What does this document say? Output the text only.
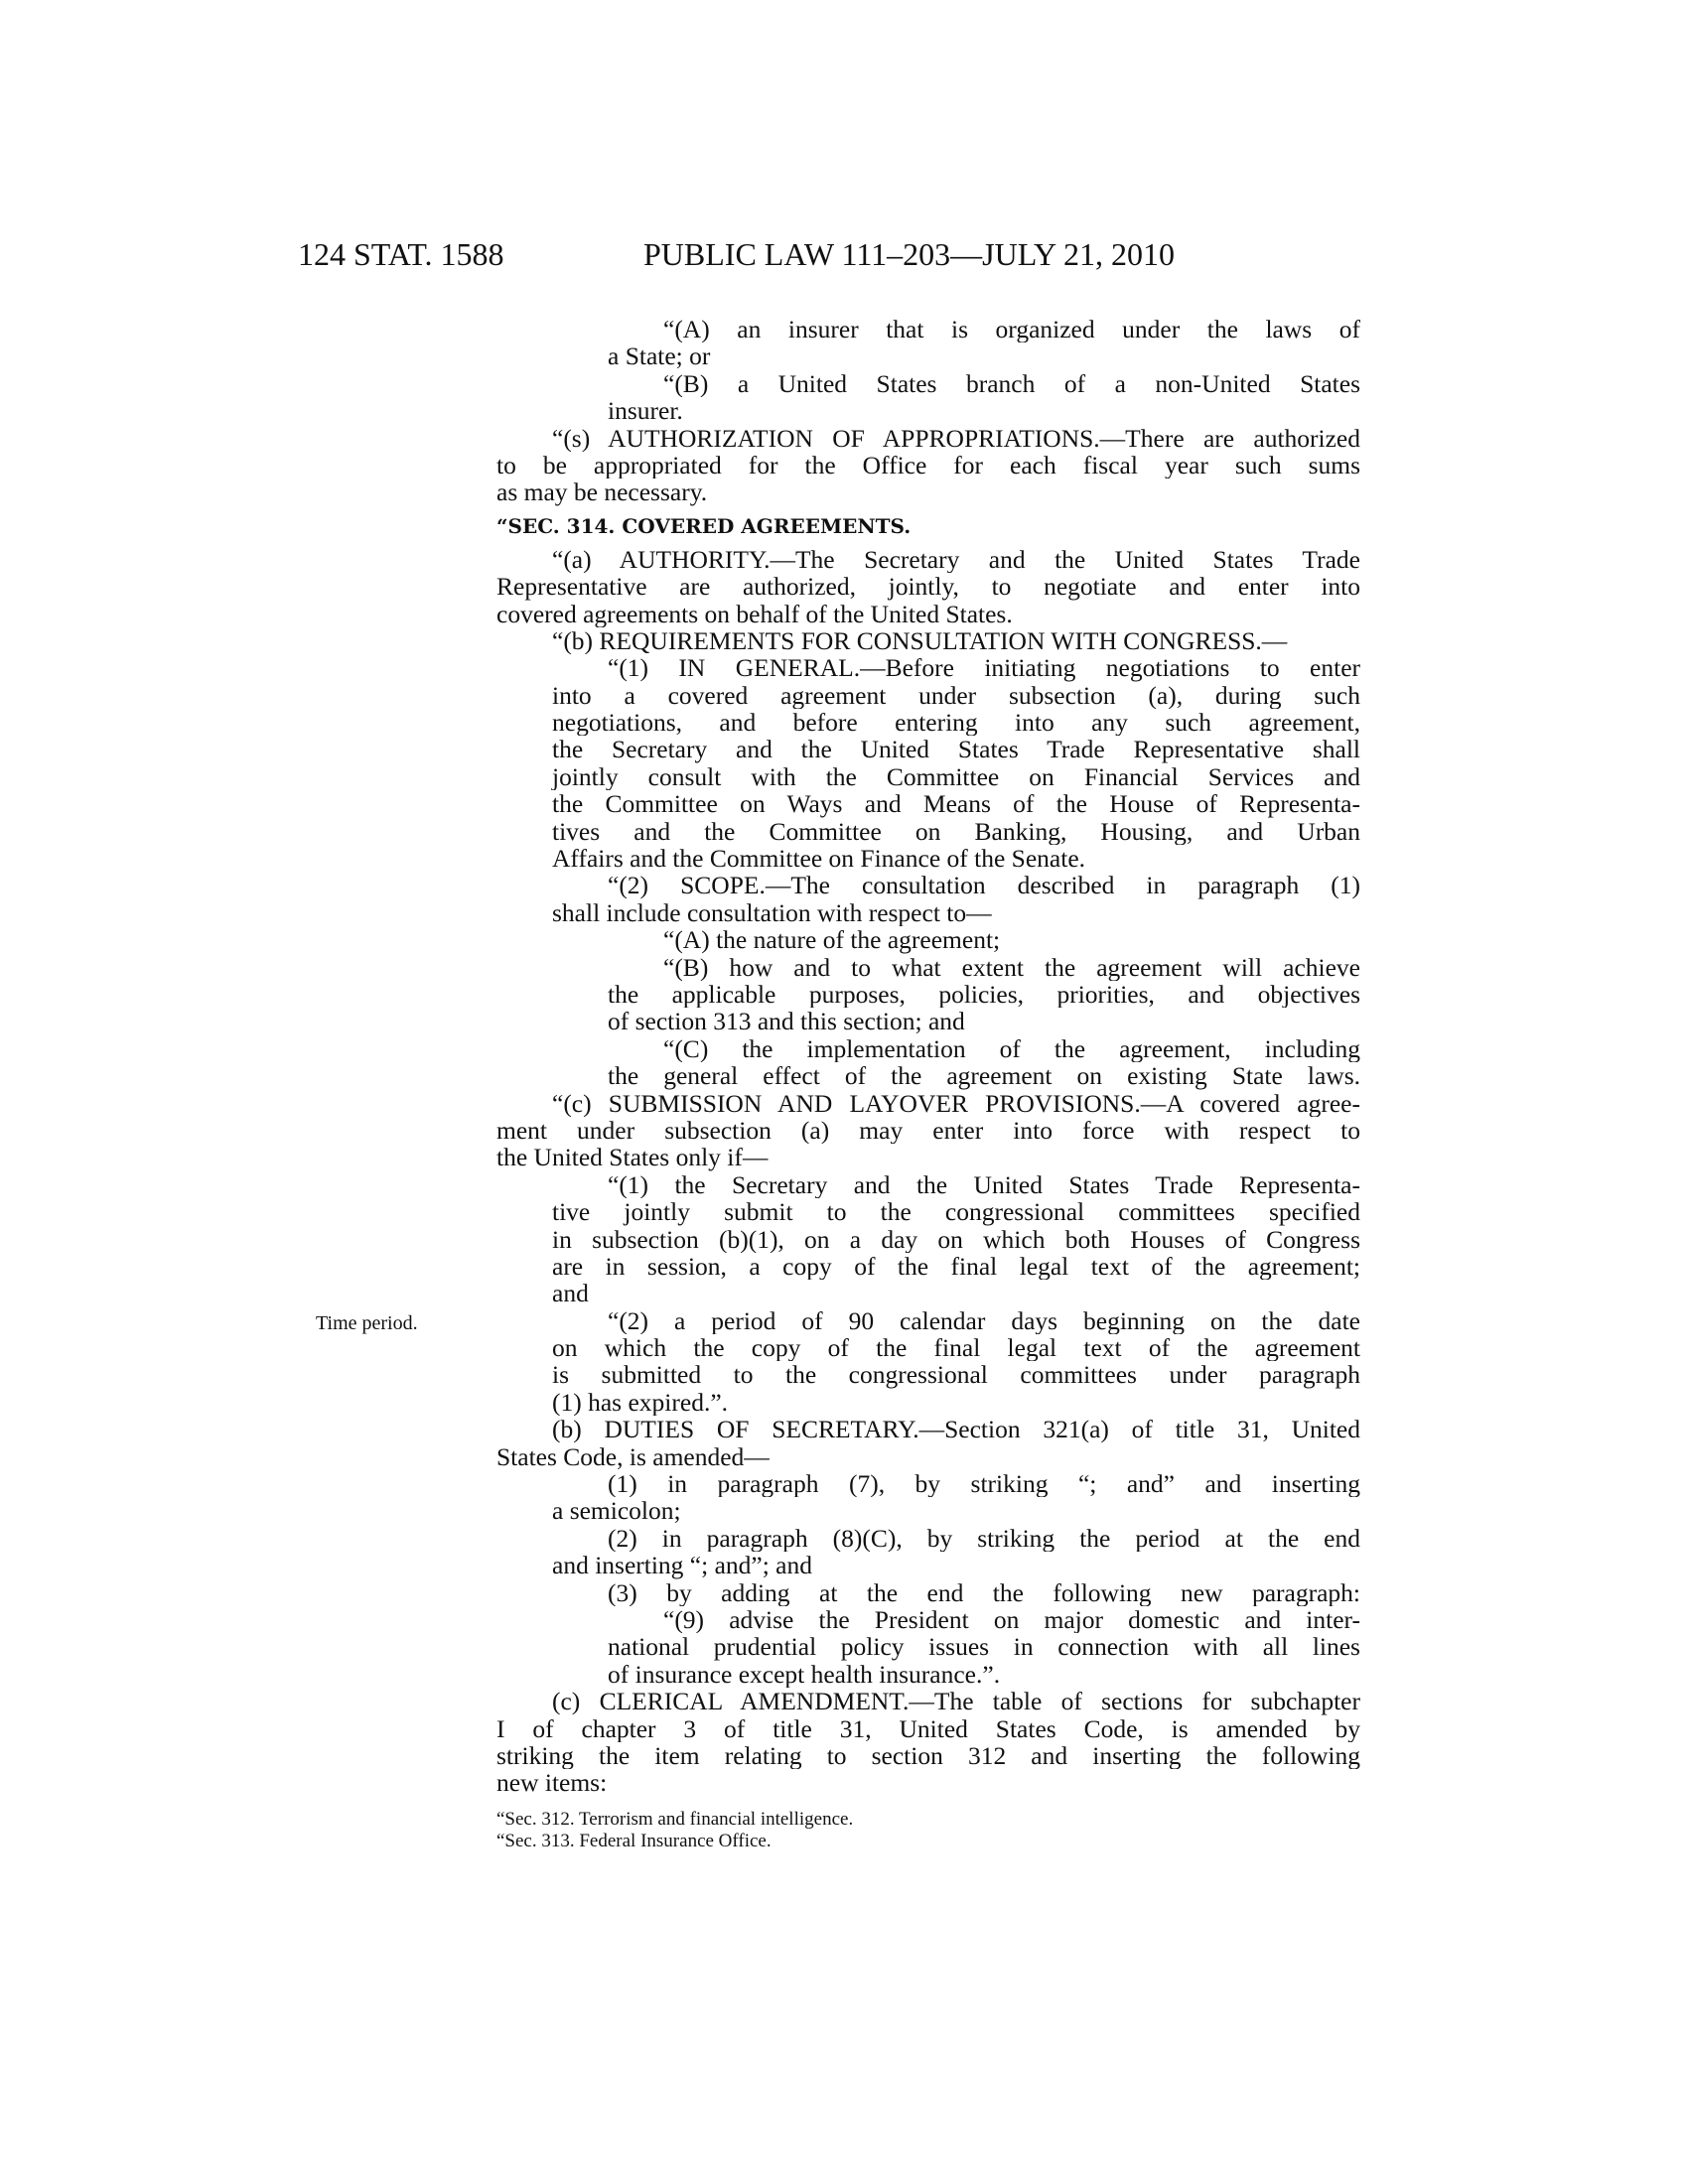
124 STAT. 1588	PUBLIC LAW 111–203—JULY 21, 2010
Time period.
“(A) an insurer that is organized under the laws of
a State; or
“(B) a United States branch of a non-United States
insurer.
“(s) AUTHORIZATION OF APPROPRIATIONS.—There are authorized
to be appropriated for the Office for each fiscal year such sums
as may be necessary.
“SEC. 314. COVERED AGREEMENTS.
“(a) AUTHORITY.—The Secretary and the United States Trade
Representative are authorized, jointly, to negotiate and enter into
covered agreements on behalf of the United States.
“(b) REQUIREMENTS FOR CONSULTATION WITH CONGRESS.—
“(1) IN GENERAL.—Before initiating negotiations to enter
into a covered agreement under subsection (a), during such
negotiations, and before entering into any such agreement,
the Secretary and the United States Trade Representative shall
jointly consult with the Committee on Financial Services and
the Committee on Ways and Means of the House of Representa-
tives and the Committee on Banking, Housing, and Urban
Affairs and the Committee on Finance of the Senate.
“(2) SCOPE.—The consultation described in paragraph (1)
shall include consultation with respect to—
“(A) the nature of the agreement;
“(B) how and to what extent the agreement will achieve
the applicable purposes, policies, priorities, and objectives
of section 313 and this section; and
“(C) the implementation of the agreement, including
the general effect of the agreement on existing State laws.
“(c) SUBMISSION AND LAYOVER PROVISIONS.—A covered agree-
ment under subsection (a) may enter into force with respect to
the United States only if—
“(1) the Secretary and the United States Trade Representa-
tive jointly submit to the congressional committees specified
in subsection (b)(1), on a day on which both Houses of Congress
are in session, a copy of the final legal text of the agreement;
and
“(2) a period of 90 calendar days beginning on the date
on which the copy of the final legal text of the agreement
is submitted to the congressional committees under paragraph
(1) has expired.”.
(b) DUTIES OF SECRETARY.—Section 321(a) of title 31, United
States Code, is amended—
(1) in paragraph (7), by striking “; and” and inserting
a semicolon;
(2) in paragraph (8)(C), by striking the period at the end
and inserting “; and”; and
(3) by adding at the end the following new paragraph:
“(9) advise the President on major domestic and inter-
national prudential policy issues in connection with all lines
of insurance except health insurance.”.
(c) CLERICAL AMENDMENT.—The table of sections for subchapter
I of chapter 3 of title 31, United States Code, is amended by
striking the item relating to section 312 and inserting the following
new items:
“Sec. 312. Terrorism and financial intelligence.
“Sec. 313. Federal Insurance Office.
